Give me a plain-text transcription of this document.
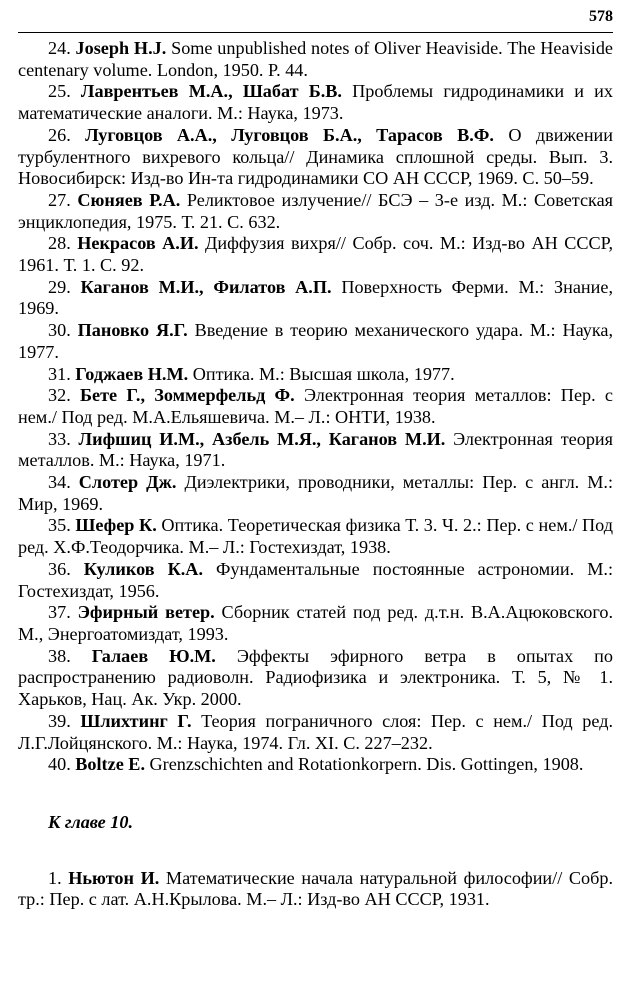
578

24. Joseph H.J. Some unpublished notes of Oliver Heaviside. The Heaviside centenary volume. London, 1950. P. 44.

25. Лаврентьев М.А., Шабат Б.В. Проблемы гидродинамики и их математические аналоги. М.: Наука, 1973.

26. Луговцов А.А., Луговцов Б.А., Тарасов В.Ф. О движении турбулентного вихревого кольца// Динамика сплошной среды. Вып. 3. Новосибирск: Изд-во Ин-та гидродинамики СО АН СССР, 1969. С. 50–59.

27. Сюняев Р.А. Реликтовое излучение// БСЭ – 3-е изд. М.: Советская энциклопедия, 1975. Т. 21. С. 632.

28. Некрасов А.И. Диффузия вихря// Собр. соч. М.: Изд-во АН СССР, 1961. Т. 1. С. 92.

29. Каганов М.И., Филатов А.П. Поверхность Ферми. М.: Знание, 1969.

30. Пановко Я.Г. Введение в теорию механического удара. М.: Наука, 1977.

31. Годжаев Н.М. Оптика. М.: Высшая школа, 1977.

32. Бете Г., Зоммерфельд Ф. Электронная теория металлов: Пер. с нем./ Под ред. М.А.Ельяшевича. М.– Л.: ОНТИ, 1938.

33. Лифшиц И.М., Азбель М.Я., Каганов М.И. Электронная теория металлов. М.: Наука, 1971.

34. Слотер Дж. Диэлектрики, проводники, металлы: Пер. с англ. М.: Мир, 1969.

35. Шефер К. Оптика. Теоретическая физика Т. 3. Ч. 2.: Пер. с нем./ Под ред. Х.Ф.Теодорчика. М.– Л.: Гостехиздат, 1938.

36. Куликов К.А. Фундаментальные постоянные астрономии. М.: Гостехиздат, 1956.

37. Эфирный ветер. Сборник статей под ред. д.т.н. В.А.Ацюковского. М., Энергоатомиздат, 1993.

38. Галаев Ю.М. Эффекты эфирного ветра в опытах по распространению радиоволн. Радиофизика и электроника. Т. 5, № 1. Харьков, Нац. Ак. Укр. 2000.

39. Шлихтинг Г. Теория пограничного слоя: Пер. с нем./ Под ред. Л.Г.Лойцянского. М.: Наука, 1974. Гл. XI. С. 227–232.

40. Boltze E. Grenzschichten and Rotationkorpern. Dis. Gottingen, 1908.

К главе 10.

1. Ньютон И. Математические начала натуральной философии// Собр. тр.: Пер. с лат. А.Н.Крылова. М.– Л.: Изд-во АН СССР, 1931.
